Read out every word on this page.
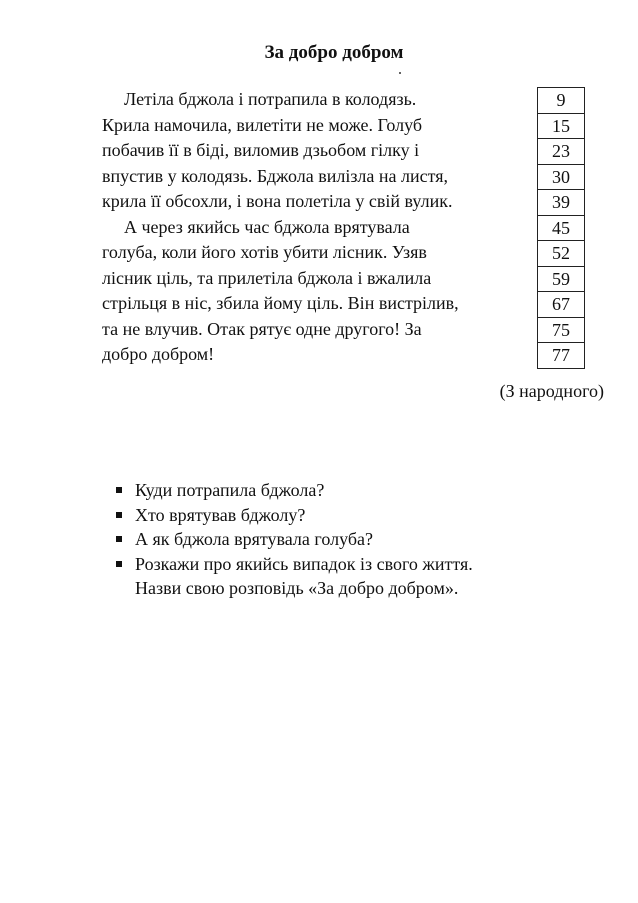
За добро добром
Летіла бджола і потрапила в колодязь.
Крила намочила, вилетіти не може. Голуб
побачив її в біді, виломив дзьобом гілку і
впустив у колодязь. Бджола вилізла на листя,
крила її обсохли, і вона полетіла у свій вулик.
А через якийсь час бджола врятувала
голуба, коли його хотів убити лісник. Узяв
лісник ціль, та прилетіла бджола і вжалила
стрільця в ніс, збила йому ціль. Він вистрілив,
та не влучив. Отак рятує одне другого! За
добро добром!
9
15
23
30
39
45
52
59
67
75
77
(З народного)
Куди потрапила бджола?
Хто врятував бджолу?
А як бджола врятувала голуба?
Розкажи про якийсь випадок із свого життя.
Назви свою розповідь «За добро добром».
